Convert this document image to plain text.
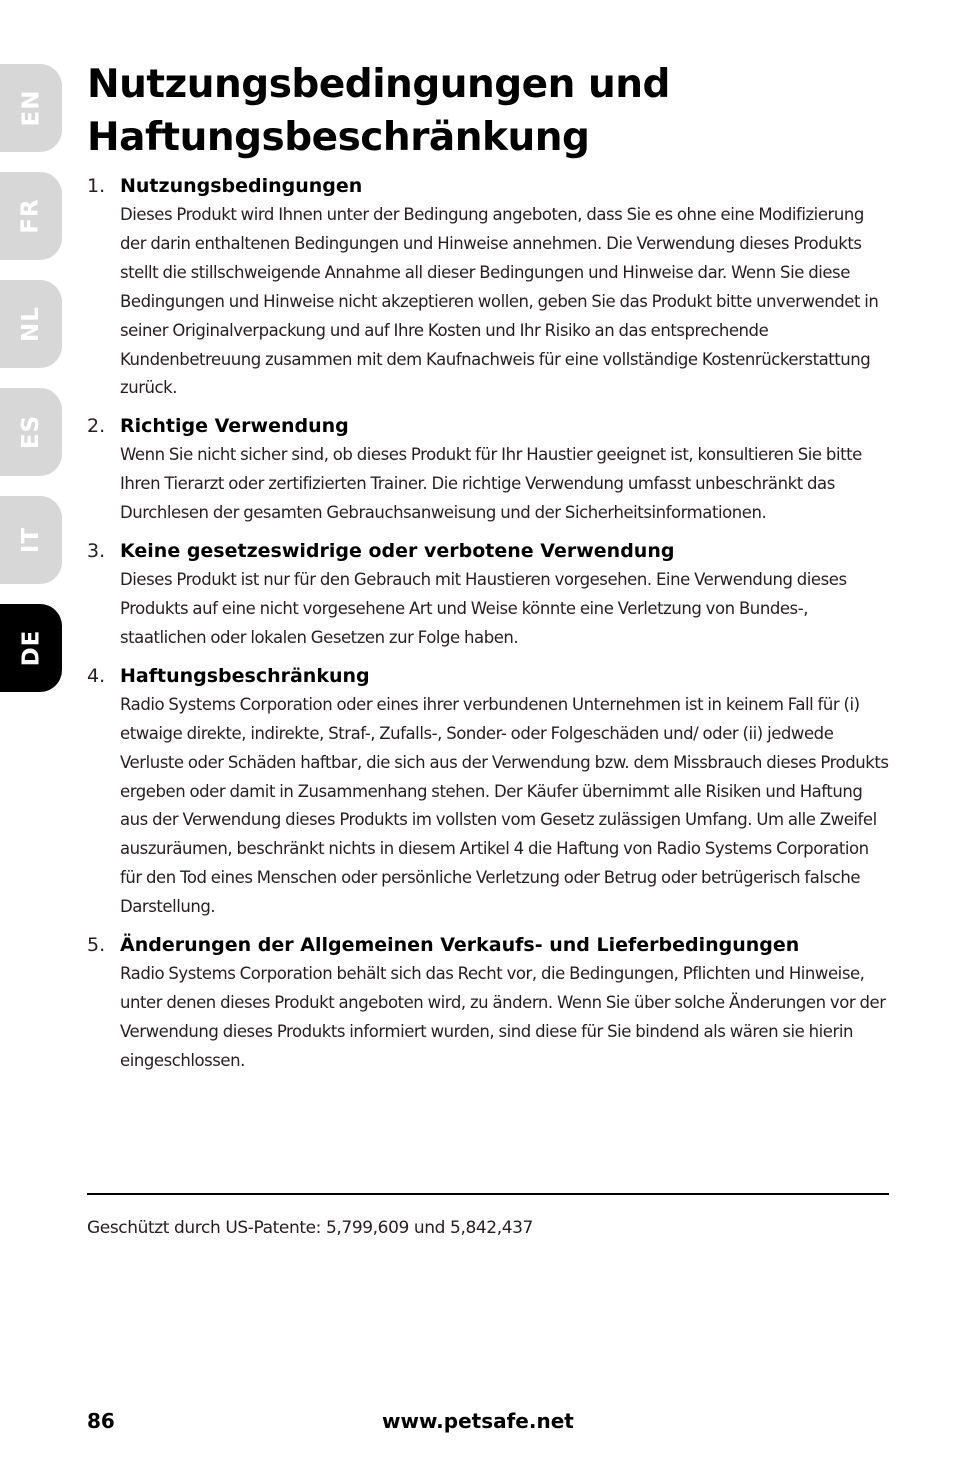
EN
FR
NL
ES
IT
DE
Nutzungsbedingungen und
Haftungsbeschränkung
1. Nutzungsbedingungen
Dieses Produkt wird Ihnen unter der Bedingung angeboten, dass Sie es ohne eine Modifizierung der darin enthaltenen Bedingungen und Hinweise annehmen. Die Verwendung dieses Produkts stellt die stillschweigende Annahme all dieser Bedingungen und Hinweise dar. Wenn Sie diese Bedingungen und Hinweise nicht akzeptieren wollen, geben Sie das Produkt bitte unverwendet in seiner Originalverpackung und auf Ihre Kosten und Ihr Risiko an das entsprechende Kundenbetreuung zusammen mit dem Kaufnachweis für eine vollständige Kostenrückerstattung zurück.
2. Richtige Verwendung
Wenn Sie nicht sicher sind, ob dieses Produkt für Ihr Haustier geeignet ist, konsultieren Sie bitte Ihren Tierarzt oder zertifizierten Trainer. Die richtige Verwendung umfasst unbeschränkt das Durchlesen der gesamten Gebrauchsanweisung und der Sicherheitsinformationen.
3. Keine gesetzeswidrige oder verbotene Verwendung
Dieses Produkt ist nur für den Gebrauch mit Haustieren vorgesehen. Eine Verwendung dieses Produkts auf eine nicht vorgesehene Art und Weise könnte eine Verletzung von Bundes-, staatlichen oder lokalen Gesetzen zur Folge haben.
4. Haftungsbeschränkung
Radio Systems Corporation oder eines ihrer verbundenen Unternehmen ist in keinem Fall für (i) etwaige direkte, indirekte, Straf-, Zufalls-, Sonder- oder Folgeschäden und/ oder (ii) jedwede Verluste oder Schäden haftbar, die sich aus der Verwendung bzw. dem Missbrauch dieses Produkts ergeben oder damit in Zusammenhang stehen. Der Käufer übernimmt alle Risiken und Haftung aus der Verwendung dieses Produkts im vollsten vom Gesetz zulässigen Umfang. Um alle Zweifel auszuräumen, beschränkt nichts in diesem Artikel 4 die Haftung von Radio Systems Corporation für den Tod eines Menschen oder persönliche Verletzung oder Betrug oder betrügerisch falsche Darstellung.
5. Änderungen der Allgemeinen Verkaufs- und Lieferbedingungen
Radio Systems Corporation behält sich das Recht vor, die Bedingungen, Pflichten und Hinweise, unter denen dieses Produkt angeboten wird, zu ändern. Wenn Sie über solche Änderungen vor der Verwendung dieses Produkts informiert wurden, sind diese für Sie bindend als wären sie hierin eingeschlossen.
Geschützt durch US-Patente: 5,799,609 und 5,842,437
86	www.petsafe.net
